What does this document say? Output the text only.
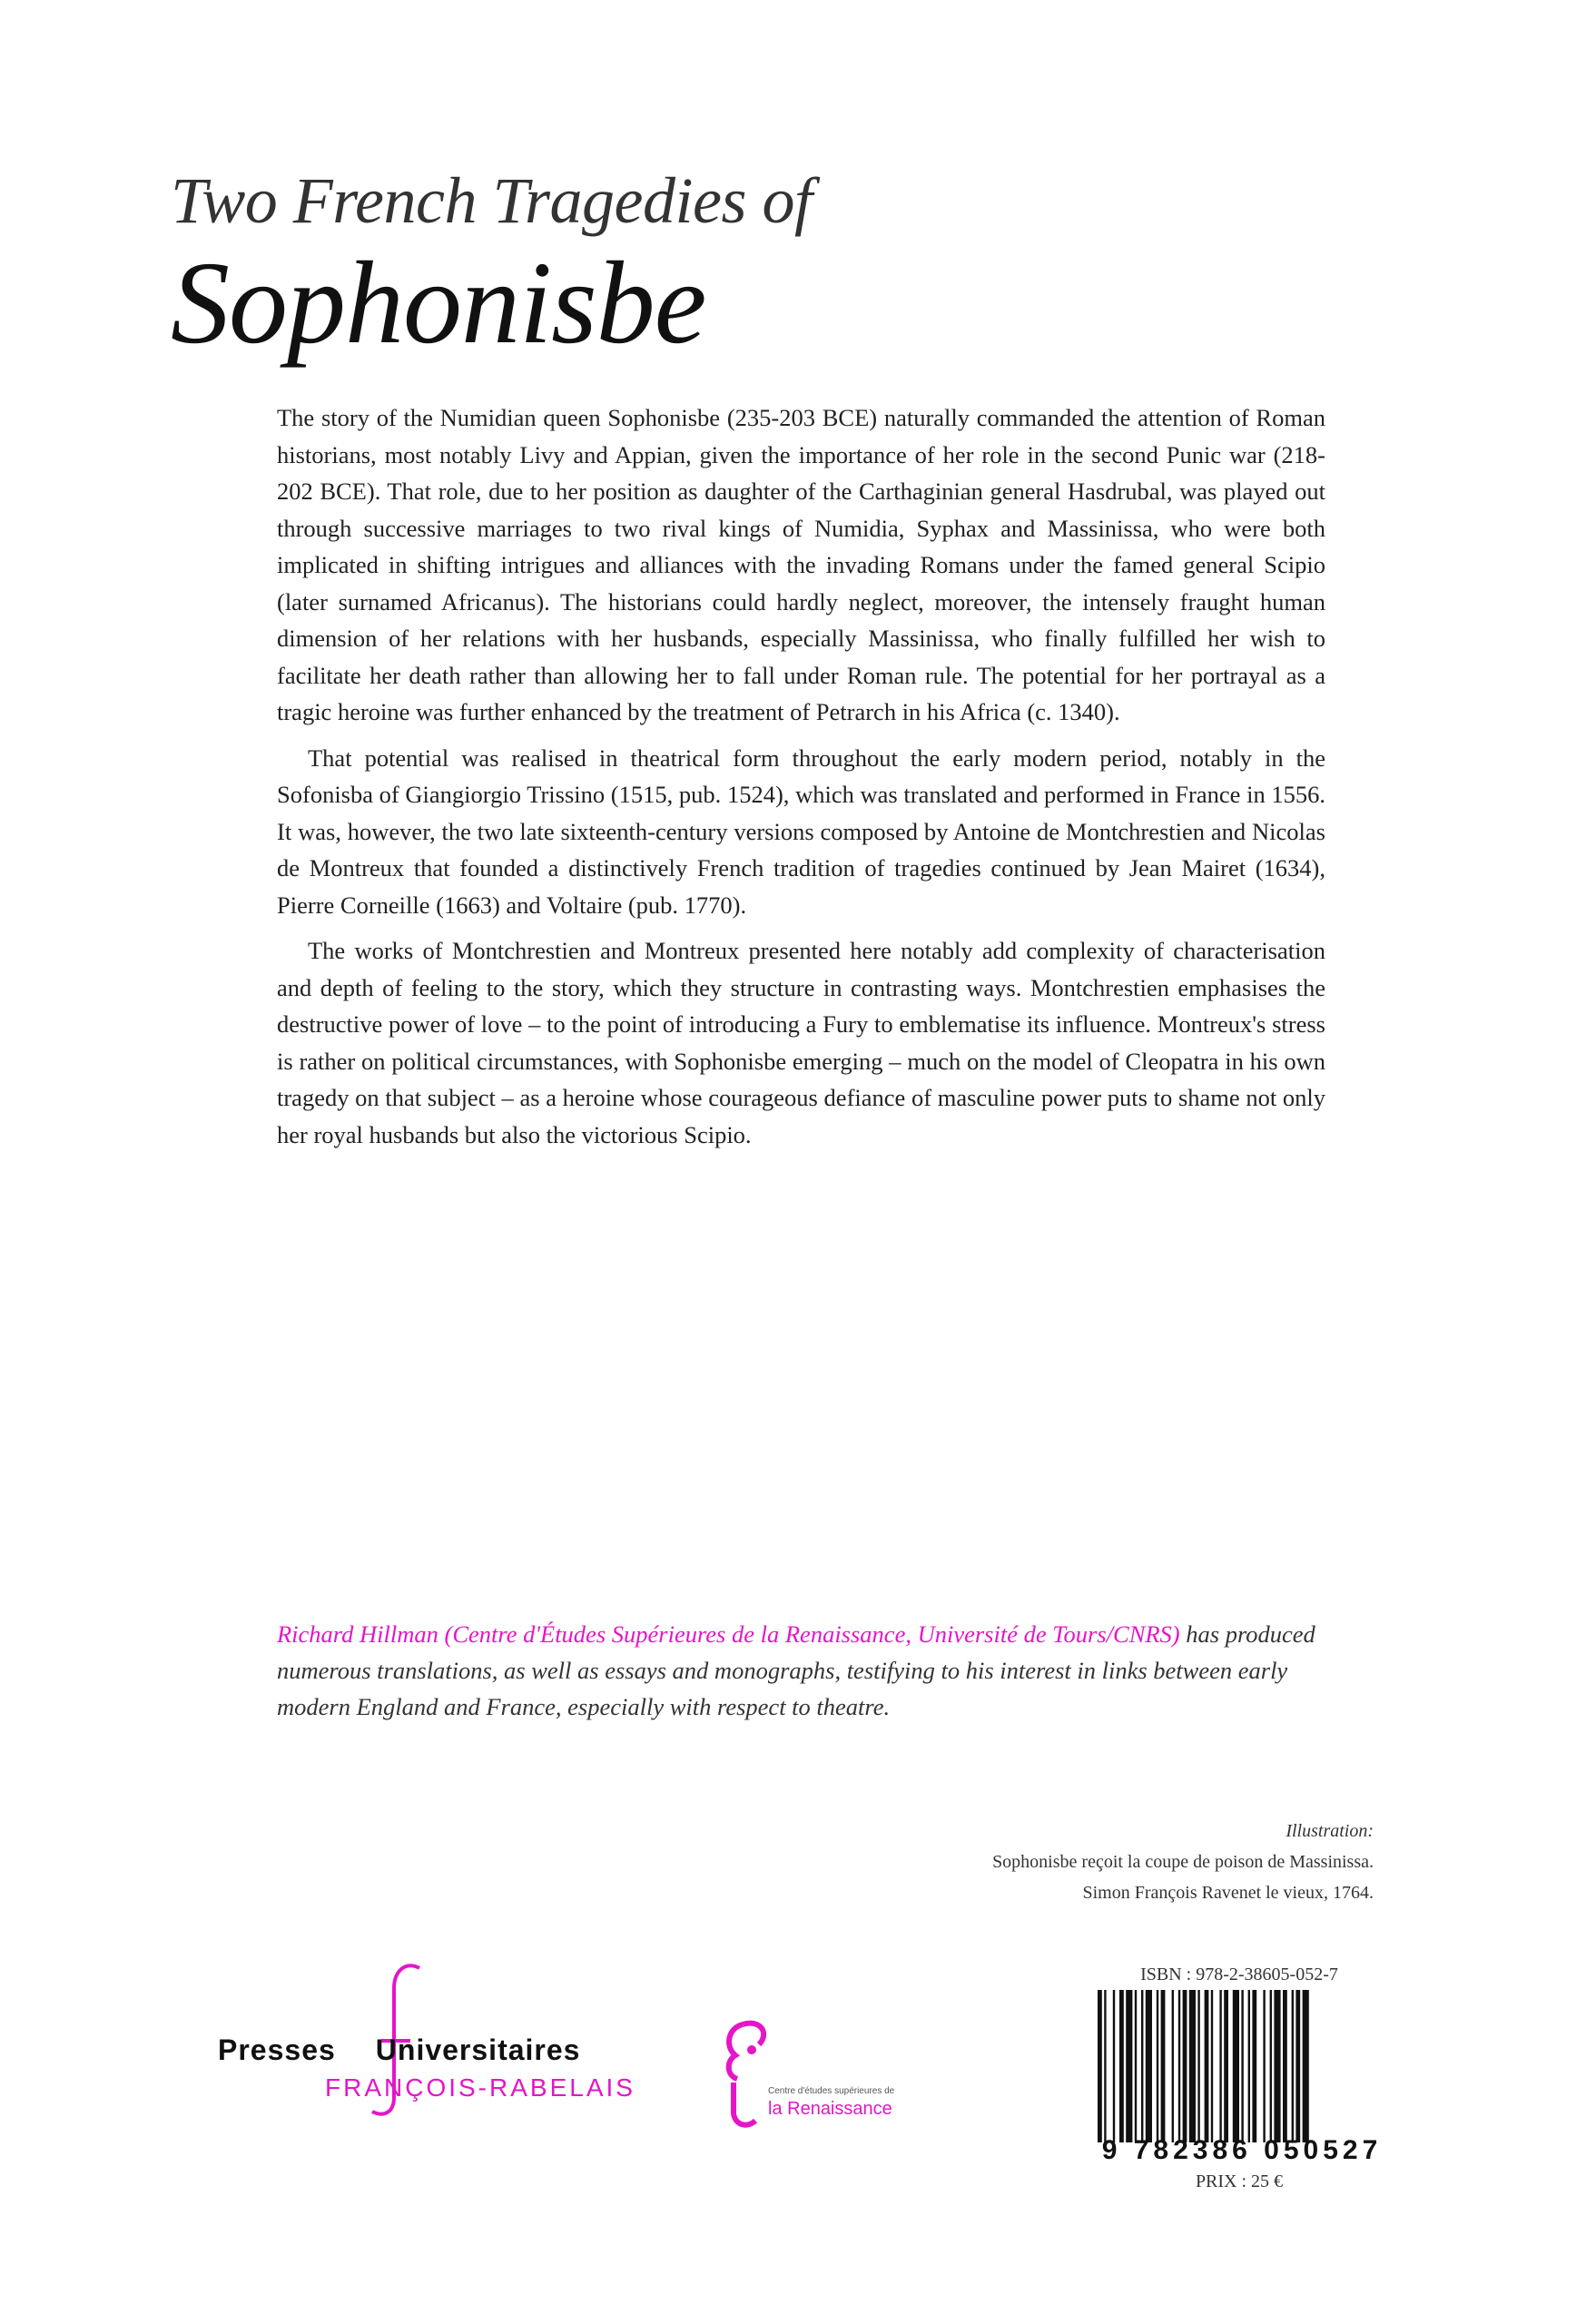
Two French Tragedies of

Sophonisbe

The story of the Numidian queen Sophonisbe (235-203 BCE) naturally commanded the attention of Roman historians, most notably Livy and Appian, given the importance of her role in the second Punic war (218-202 BCE). That role, due to her position as daughter of the Carthaginian general Hasdrubal, was played out through successive marriages to two rival kings of Numidia, Syphax and Massinissa, who were both implicated in shifting intrigues and alliances with the invading Romans under the famed general Scipio (later surnamed Africanus). The historians could hardly neglect, moreover, the intensely fraught human dimension of her relations with her husbands, especially Massinissa, who finally fulfilled her wish to facilitate her death rather than allowing her to fall under Roman rule. The potential for her portrayal as a tragic heroine was further enhanced by the treatment of Petrarch in his Africa (c. 1340).

That potential was realised in theatrical form throughout the early modern period, notably in the Sofonisba of Giangiorgio Trissino (1515, pub. 1524), which was translated and performed in France in 1556. It was, however, the two late sixteenth-century versions composed by Antoine de Montchrestien and Nicolas de Montreux that founded a distinctively French tradition of tragedies continued by Jean Mairet (1634), Pierre Corneille (1663) and Voltaire (pub. 1770).

The works of Montchrestien and Montreux presented here notably add complexity of characterisation and depth of feeling to the story, which they structure in contrasting ways. Montchrestien emphasises the destructive power of love – to the point of introducing a Fury to emblematise its influence. Montreux's stress is rather on political circumstances, with Sophonisbe emerging – much on the model of Cleopatra in his own tragedy on that subject – as a heroine whose courageous defiance of masculine power puts to shame not only her royal husbands but also the victorious Scipio.

Richard Hillman (Centre d'Études Supérieures de la Renaissance, Université de Tours/CNRS) has produced numerous translations, as well as essays and monographs, testifying to his interest in links between early modern England and France, especially with respect to theatre.
Illustration:
Sophonisbe reçoit la coupe de poison de Massinissa.
Simon François Ravenet le vieux, 1764.
Presses Universitaires
FRANÇOIS-RABELAIS	Centre d'études supérieures de
la Renaissance
ISBN : 978-2-38605-052-7
9 782386 050527
PRIX : 25 €
